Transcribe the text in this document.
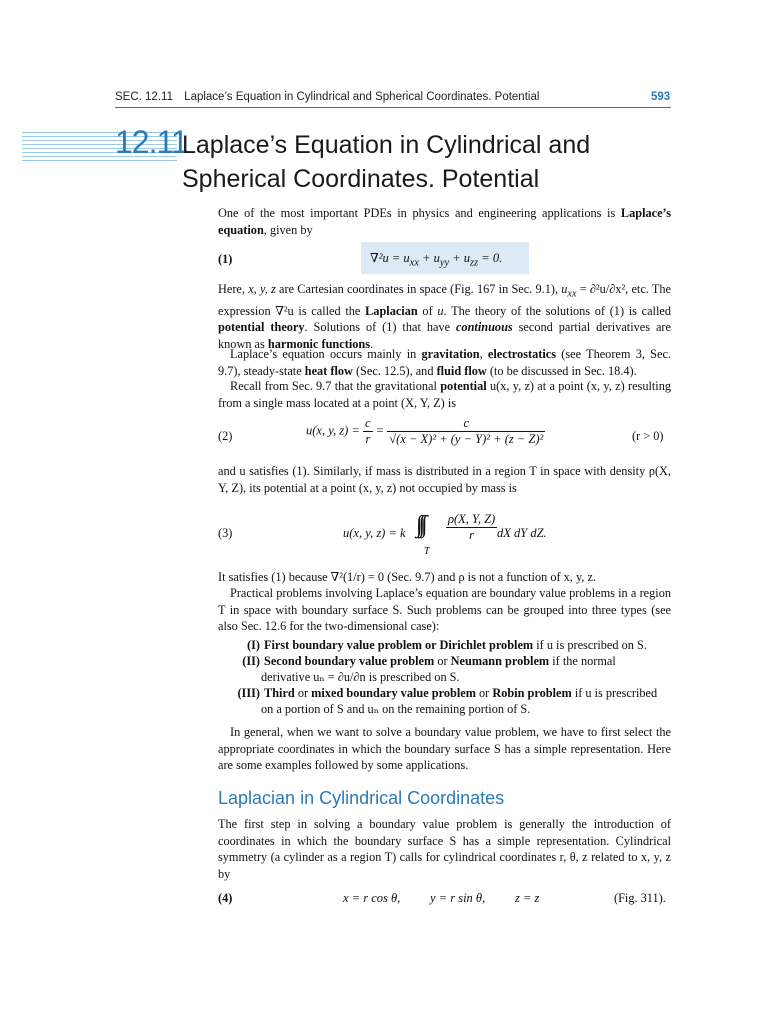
SEC. 12.11 Laplace’s Equation in Cylindrical and Spherical Coordinates. Potential	593
12.11
Laplace’s Equation in Cylindrical and
Spherical Coordinates. Potential
One of the most important PDEs in physics and engineering applications is Laplace’s equation, given by
(1)	$\nabla^2u = u_{xx} + u_{yy} + u_{zz} = 0$.
Here, x, y, z are Cartesian coordinates in space (Fig. 167 in Sec. 9.1), $u_{xx} = \partial^2u/\partial x^2$, etc. The expression ∇²u is called the Laplacian of u. The theory of the solutions of (1) is called potential theory. Solutions of (1) that have continuous second partial derivatives are known as harmonic functions.
Laplace’s equation occurs mainly in gravitation, electrostatics (see Theorem 3, Sec. 9.7), steady-state heat flow (Sec. 12.5), and fluid flow (to be discussed in Sec. 18.4).
Recall from Sec. 9.7 that the gravitational potential u(x, y, z) at a point (x, y, z) resulting from a single mass located at a point (X, Y, Z) is
(2)	u(x, y, $z) = \frac{c}{r} = \frac{c}{\text{√(x − X)² + (y − Y)² + (z − Z)²}}$	(r > 0)
and u satisfies (1). Similarly, if mass is distributed in a region T in space with density ρ(X, Y, Z), its potential at a point (x, y, z) not occupied by mass is
(3)	u(x, y, z) = k ∫∫∫
T
$\frac{\rho(X, Y, Z)}{r}$ dX dY dZ.
It satisfies (1) because ∇²(1/r) = 0 (Sec. 9.7) and ρ is not a function of x, y, z.
Practical problems involving Laplace’s equation are boundary value problems in a region T in space with boundary surface S. Such problems can be grouped into three types (see also Sec. 12.6 for the two-dimensional case):
(I) First boundary value problem or Dirichlet problem if u is prescribed on S.
(II) Second boundary value problem or Neumann problem if the normal
derivative uₙ = ∂u/∂n is prescribed on S.
(III) Third or mixed boundary value problem or Robin problem if u is prescribed
on a portion of S and uₙ on the remaining portion of S.
In general, when we want to solve a boundary value problem, we have to first select the appropriate coordinates in which the boundary surface S has a simple representation. Here are some examples followed by some applications.
Laplacian in Cylindrical Coordinates
The first step in solving a boundary value problem is generally the introduction of coordinates in which the boundary surface S has a simple representation. Cylindrical symmetry (a cylinder as a region T) calls for cylindrical coordinates r, θ, z related to x, y, z by
(4)	x = r cos θ, y = r sin θ, z = z	(Fig. 311).
